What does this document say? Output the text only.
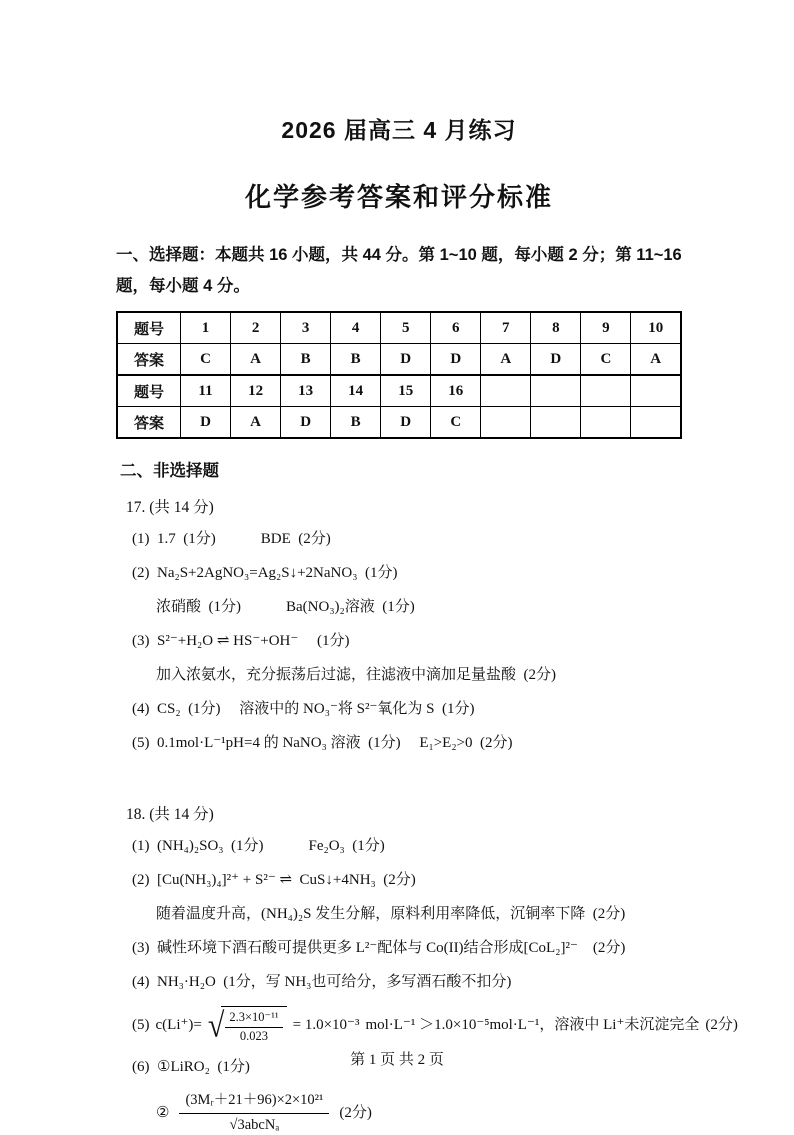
2026 届高三 4 月练习
化学参考答案和评分标准

一、选择题：本题共 16 小题，共 44 分。第 1~10 题，每小题 2 分；第 11~16 题，每小题 4 分。

题号	1	2	3	4	5	6	7	8	9	10
答案	C	A	B	B	D	D	A	D	C	A
题号	11	12	13	14	15	16				
答案	D	A	D	B	D	C				

二、非选择题

17. (共 14 分)

(1)  1.7  (1分)　　　BDE  (2分)
(2)  Na₂S+2AgNO₃=Ag₂S↓+2NaNO₃  (1分)
浓硝酸  (1分)　　　Ba(NO₃)₂溶液  (1分)
(3)  S²⁻+H₂O ⇌ HS⁻+OH⁻　 (1分)
加入浓氨水，充分振荡后过滤，往滤液中滴加足量盐酸  (2分)
(4)  CS₂  (1分)　 溶液中的 NO₃⁻将 S²⁻氧化为 S  (1分)
(5)  0.1mol·L⁻¹pH=4 的 NaNO₃ 溶液  (1分)　 E₁>E₂>0  (2分)

18. (共 14 分)

(1)  (NH₄)₂SO₃  (1分)　　　Fe₂O₃  (1分)
(2)  [Cu(NH₃)₄]²⁺ + S²⁻ ⇌  CuS↓+4NH₃  (2分)
随着温度升高，(NH₄)₂S 发生分解，原料利用率降低，沉铜率下降  (2分)
(3)  碱性环境下酒石酸可提供更多 L²⁻配体与 Co(II)结合形成[CoL₂]²⁻　(2分)
(4)  NH₃·H₂O  (1分，写 NH₃也可给分，多写酒石酸不扣分)
(5) c(Li⁺)= √ $\frac{\text{2.3×10⁻¹¹}}{0.023} = 1.0\times 10^{-3}$ mol·L⁻¹ ＞1.0×10⁻⁵mol·L⁻¹，溶液中 Li⁺未沉淀完全 (2分)
(6)  ①LiRO₂  (1分)
② $\frac{\text{(3Mᵣ＋21＋96)×2×10²¹}}{\text{√3abcNₐ}} (2$分)
第 1 页 共 2 页
